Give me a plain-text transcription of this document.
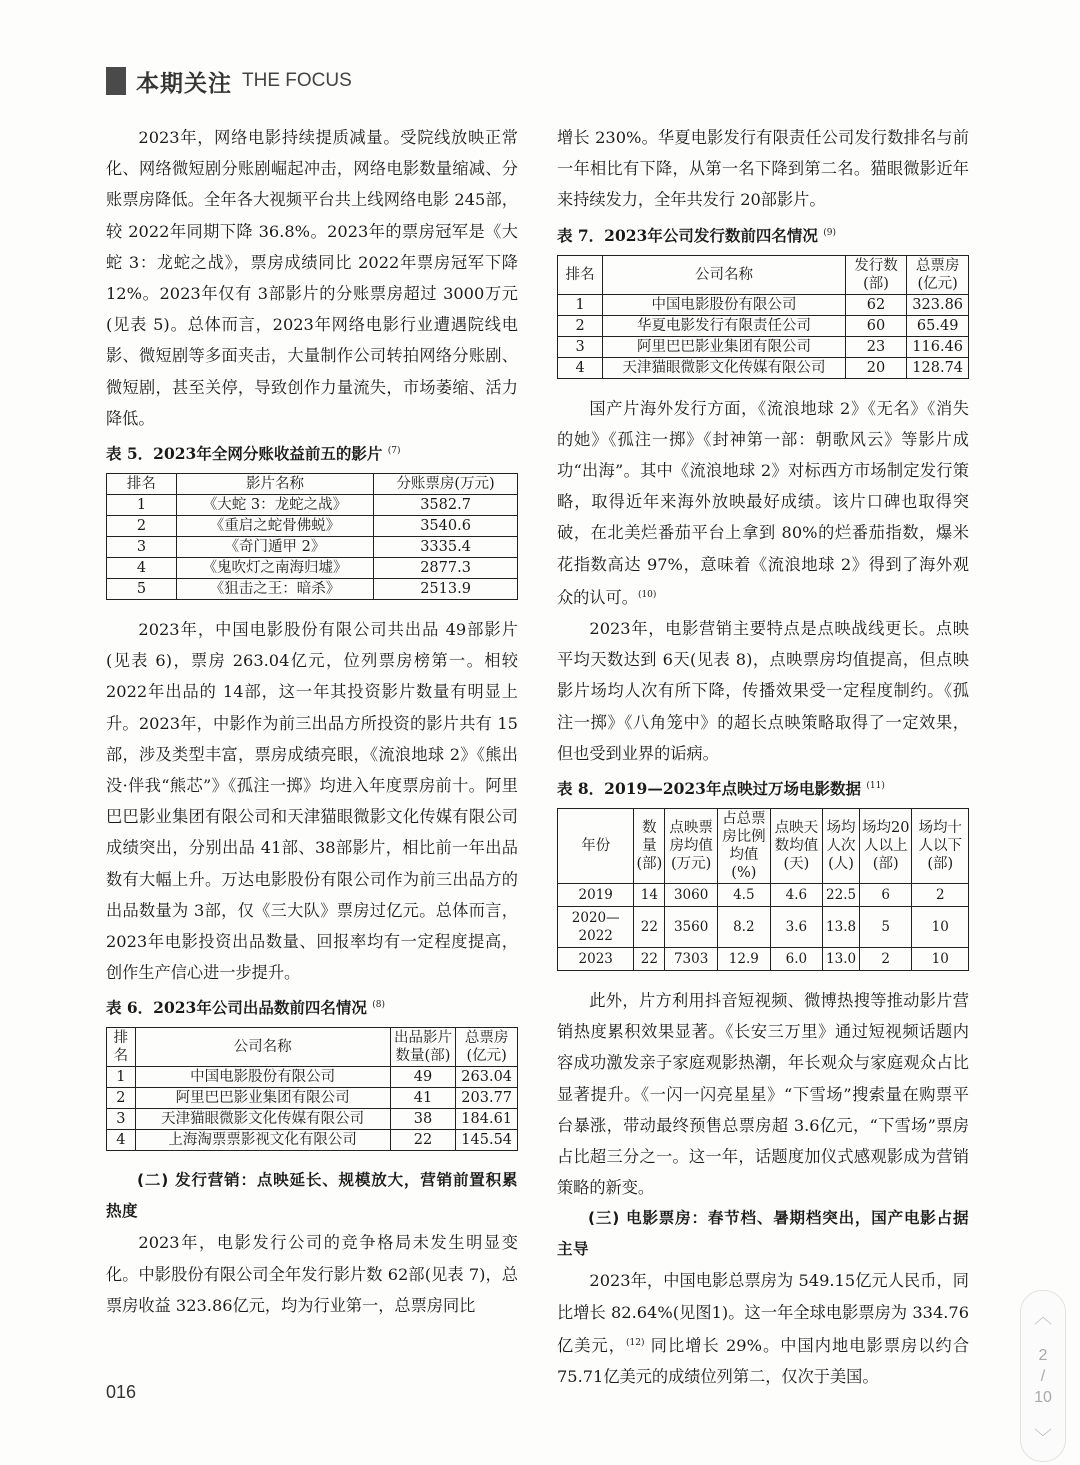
本期关注 THE FOCUS

2023年，网络电影持续提质减量。受院线放映正常化、网络微短剧分账剧崛起冲击，网络电影数量缩减、分账票房降低。全年各大视频平台共上线网络电影 245部，较 2022年同期下降 36.8%。2023年的票房冠军是《大蛇 3：龙蛇之战》，票房成绩同比 2022年票房冠军下降 12%。2023年仅有 3部影片的分账票房超过 3000万元(见表 5)。总体而言，2023年网络电影行业遭遇院线电影、微短剧等多面夹击，大量制作公司转拍网络分账剧、微短剧，甚至关停，导致创作力量流失，市场萎缩、活力降低。

表 5．2023年全网分账收益前五的影片 $^{(7)}$
排名	影片名称	分账票房(万元)
1	《大蛇 3：龙蛇之战》	3582.7
2	《重启之蛇骨佛蜕》	3540.6
3	《奇门遁甲 2》	3335.4
4	《鬼吹灯之南海归墟》	2877.3
5	《狙击之王：暗杀》	2513.9

2023年，中国电影股份有限公司共出品 49部影片(见表 6)，票房 263.04亿元，位列票房榜第一。相较 2022年出品的 14部，这一年其投资影片数量有明显上升。2023年，中影作为前三出品方所投资的影片共有 15部，涉及类型丰富，票房成绩亮眼，《流浪地球 2》《熊出没·伴我“熊芯”》《孤注一掷》均进入年度票房前十。阿里巴巴影业集团有限公司和天津猫眼微影文化传媒有限公司成绩突出，分别出品 41部、38部影片，相比前一年出品数有大幅上升。万达电影股份有限公司作为前三出品方的出品数量为 3部，仅《三大队》票房过亿元。总体而言，2023年电影投资出品数量、回报率均有一定程度提高，创作生产信心进一步提升。

表 6．2023年公司出品数前四名情况 $^{(8)}$
排名	公司名称	出品影片数量(部)	总票房(亿元)
1	中国电影股份有限公司	49	263.04
2	阿里巴巴影业集团有限公司	41	203.77
3	天津猫眼微影文化传媒有限公司	38	184.61
4	上海淘票票影视文化有限公司	22	145.54
(二) 发行营销：点映延长、规模放大，营销前置积累热度

2023年，电影发行公司的竞争格局未发生明显变化。中影股份有限公司全年发行影片数 62部(见表 7)，总票房收益 323.86亿元，均为行业第一，总票房同比

增长 230%。华夏电影发行有限责任公司发行数排名与前一年相比有下降，从第一名下降到第二名。猫眼微影近年来持续发力，全年共发行 20部影片。

表 7．2023年公司发行数前四名情况 $^{(9)}$
排名	公司名称	发行数(部)	总票房(亿元)
1	中国电影股份有限公司	62	323.86
2	华夏电影发行有限责任公司	60	65.49
3	阿里巴巴影业集团有限公司	23	116.46
4	天津猫眼微影文化传媒有限公司	20	128.74

国产片海外发行方面，《流浪地球 2》《无名》《消失的她》《孤注一掷》《封神第一部：朝歌风云》等影片成功“出海”。其中《流浪地球 2》对标西方市场制定发行策略，取得近年来海外放映最好成绩。该片口碑也取得突破，在北美烂番茄平台上拿到 80%的烂番茄指数，爆米花指数高达 97%，意味着《流浪地球 2》得到了海外观众的认可。$^{(10)}$

2023年，电影营销主要特点是点映战线更长。点映平均天数达到 6天(见表 8)，点映票房均值提高，但点映影片场均人次有所下降，传播效果受一定程度制约。《孤注一掷》《八角笼中》的超长点映策略取得了一定效果，但也受到业界的诟病。

表 8．2019—2023年点映过万场电影数据 $^{(11)}$
年份	数量(部)	点映票房均值(万元)	占总票房比例均值(%)	点映天数均值(天)	场均人次(人)	场均20人以上(部)	场均十人以下(部)
2019	14	3060	4.5	4.6	22.5	6	2
2020—2022	22	3560	8.2	3.6	13.8	5	10
2023	22	7303	12.9	6.0	13.0	2	10

此外，片方利用抖音短视频、微博热搜等推动影片营销热度累积效果显著。《长安三万里》通过短视频话题内容成功激发亲子家庭观影热潮，年长观众与家庭观众占比显著提升。《一闪一闪亮星星》“下雪场”搜索量在购票平台暴涨，带动最终预售总票房超 3.6亿元，“下雪场”票房占比超三分之一。这一年，话题度加仪式感观影成为营销策略的新变。

(三) 电影票房：春节档、暑期档突出，国产电影占据主导

2023年，中国电影总票房为 549.15亿元人民币，同比增长 82.64%(见图1)。这一年全球电影票房为 334.76亿美元，$^{(12)}$ 同比增长 29%。中国内地电影票房以约合 75.71亿美元的成绩位列第二，仅次于美国。

016
︿
2
/
10
﹀
